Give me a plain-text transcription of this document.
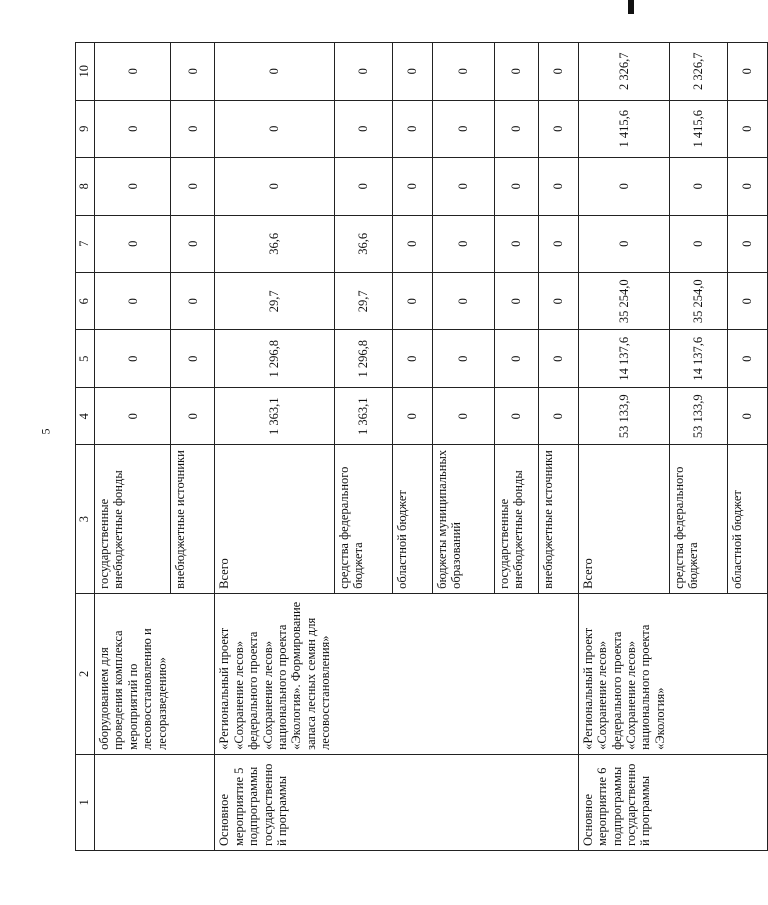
5
1	2	3	4	5	6	7	8	9	10
	оборудованием для проведения комплекса мероприятий по лесовосстановлению и лесоразведению»	государственные внебюджетные фонды	0	0	0	0	0	0	0
		внебюджетные источники	0	0	0	0	0	0	0
Основное мероприятие 5 подпрограммы государственной программы	«Региональный проект «Сохранение лесов» федерального проекта «Сохранение лесов» национального проекта «Экология». Формирование запаса лесных семян для лесовосстановления»	Всего	1 363,1	1 296,8	29,7	36,6	0	0	0
		средства федерального бюджета	1 363,1	1 296,8	29,7	36,6	0	0	0
		областной бюджет	0	0	0	0	0	0	0
		бюджеты муниципальных образований	0	0	0	0	0	0	0
		государственные внебюджетные фонды	0	0	0	0	0	0	0
		внебюджетные источники	0	0	0	0	0	0	0
Основное мероприятие 6 подпрограммы государственной программы	«Региональный проект «Сохранение лесов» федерального проекта «Сохранение лесов» национального проекта «Экология»	Всего	53 133,9	14 137,6	35 254,0	0	0	1 415,6	2 326,7
		средства федерального бюджета	53 133,9	14 137,6	35 254,0	0	0	1 415,6	2 326,7
		областной бюджет	0	0	0	0	0	0	0
